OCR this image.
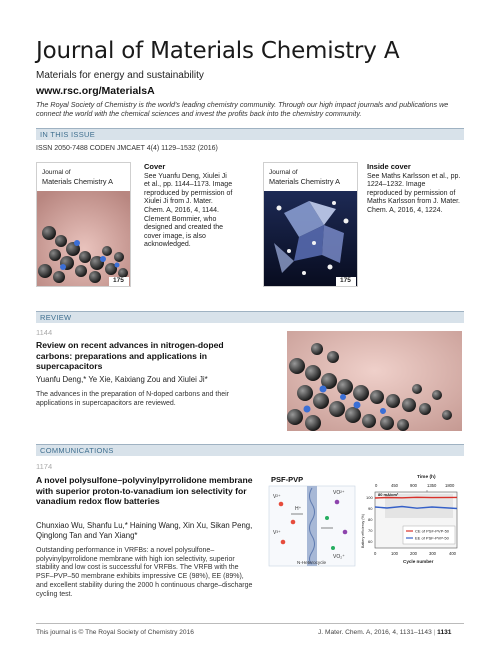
Journal of Materials Chemistry A
Materials for energy and sustainability
www.rsc.org/MaterialsA
The Royal Society of Chemistry is the world's leading chemistry community. Through our high impact journals and publications we connect the world with the chemical sciences and invest the profits back into the chemistry community.
IN THIS ISSUE
ISSN 2050-7488 CODEN JMCAET 4(4) 1129–1532 (2016)
Journal of
Materials Chemistry A
175
Cover
See Yuanfu Deng, Xiulei Ji et al., pp. 1144–1173. Image reproduced by permission of Xiulei Ji from J. Mater. Chem. A, 2016, 4, 1144. Clement Bommier, who designed and created the cover image, is also acknowledged.
Journal of
Materials Chemistry A
175
Inside cover
See Maths Karlsson et al., pp. 1224–1232. Image reproduced by permission of Maths Karlsson from J. Mater. Chem. A, 2016, 4, 1224.
REVIEW
1144
Review on recent advances in nitrogen-doped carbons: preparations and applications in supercapacitors
Yuanfu Deng,* Ye Xie, Kaixiang Zou and Xiulei Ji*
The advances in the preparation of N-doped carbons and their applications in supercapacitors are reviewed.
COMMUNICATIONS
1174
A novel polysulfone–polyvinylpyrrolidone membrane with superior proton-to-vanadium ion selectivity for vanadium redox flow batteries
Chunxiao Wu, Shanfu Lu,* Haining Wang, Xin Xu, Sikan Peng, Qinglong Tan and Yan Xiang*
Outstanding performance in VRFBs: a novel polysulfone–polyvinylpyrrolidone membrane with high ion selectivity, superior stability and low cost is successful for VRFBs. The VRFB with the PSF–PVP–50 membrane exhibits impressive CE (98%), EE (89%), and excellent stability during the 2000 h continuous charge–discharge cycling test.
PSF-PVP
V²⁺
V³⁺
H⁺
VO²⁺
VO₂⁺
N-Heterocycle
Time (h)
0	450	900 1350 1800
80 mA/cm²
100
90
80
70
60
Battery efficiency (%)	CE of PSF-PVP-50
EE of PSF-PVP-50
0	100	200	300	400
Cycle number
This journal is © The Royal Society of Chemistry 2016	J. Mater. Chem. A, 2016, 4, 1131–1143 | 1131
